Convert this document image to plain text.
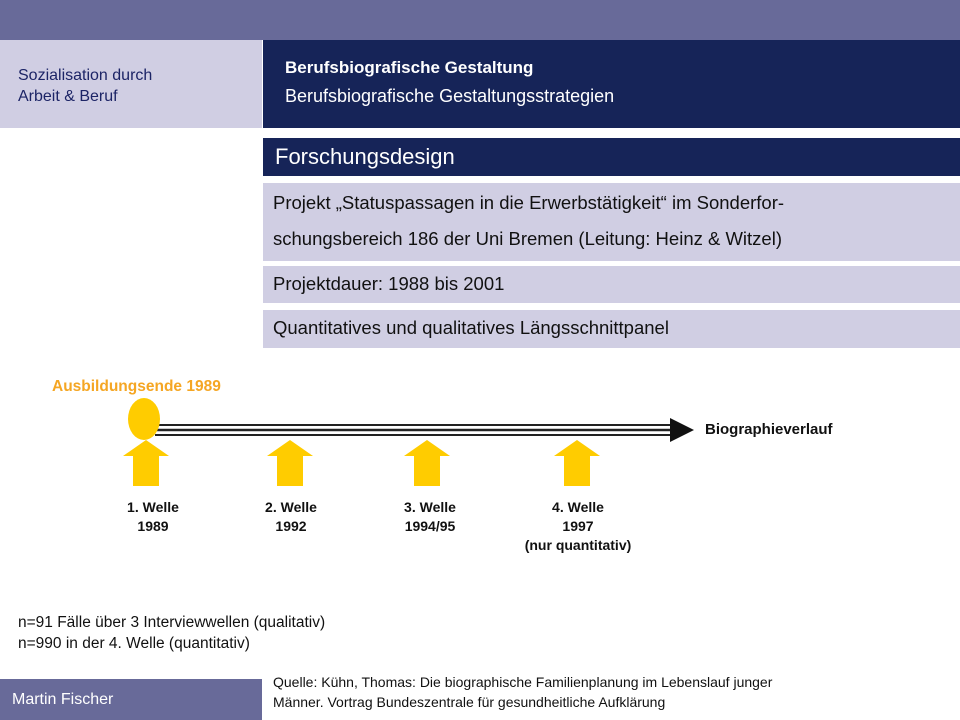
Sozialisation durch
Arbeit & Beruf
Berufsbiografische Gestaltung
Berufsbiografische Gestaltungsstrategien
Forschungsdesign
Projekt „Statuspassagen in die Erwerbstätigkeit“ im Sonderfor-
schungsbereich 186 der Uni Bremen (Leitung: Heinz & Witzel)
Projektdauer: 1988 bis 2001
Quantitatives und qualitatives Längsschnittpanel
Ausbildungsende 1989
Biographieverlauf
1. Welle
1989
2. Welle
1992
3. Welle
1994/95
4. Welle
1997
(nur quantitativ)
n=91 Fälle über 3 Interviewwellen (qualitativ)
n=990 in der 4. Welle (quantitativ)
Quelle: Kühn, Thomas: Die biographische Familienplanung im Lebenslauf junger
Männer. Vortrag Bundeszentrale für gesundheitliche Aufklärung
Martin Fischer
